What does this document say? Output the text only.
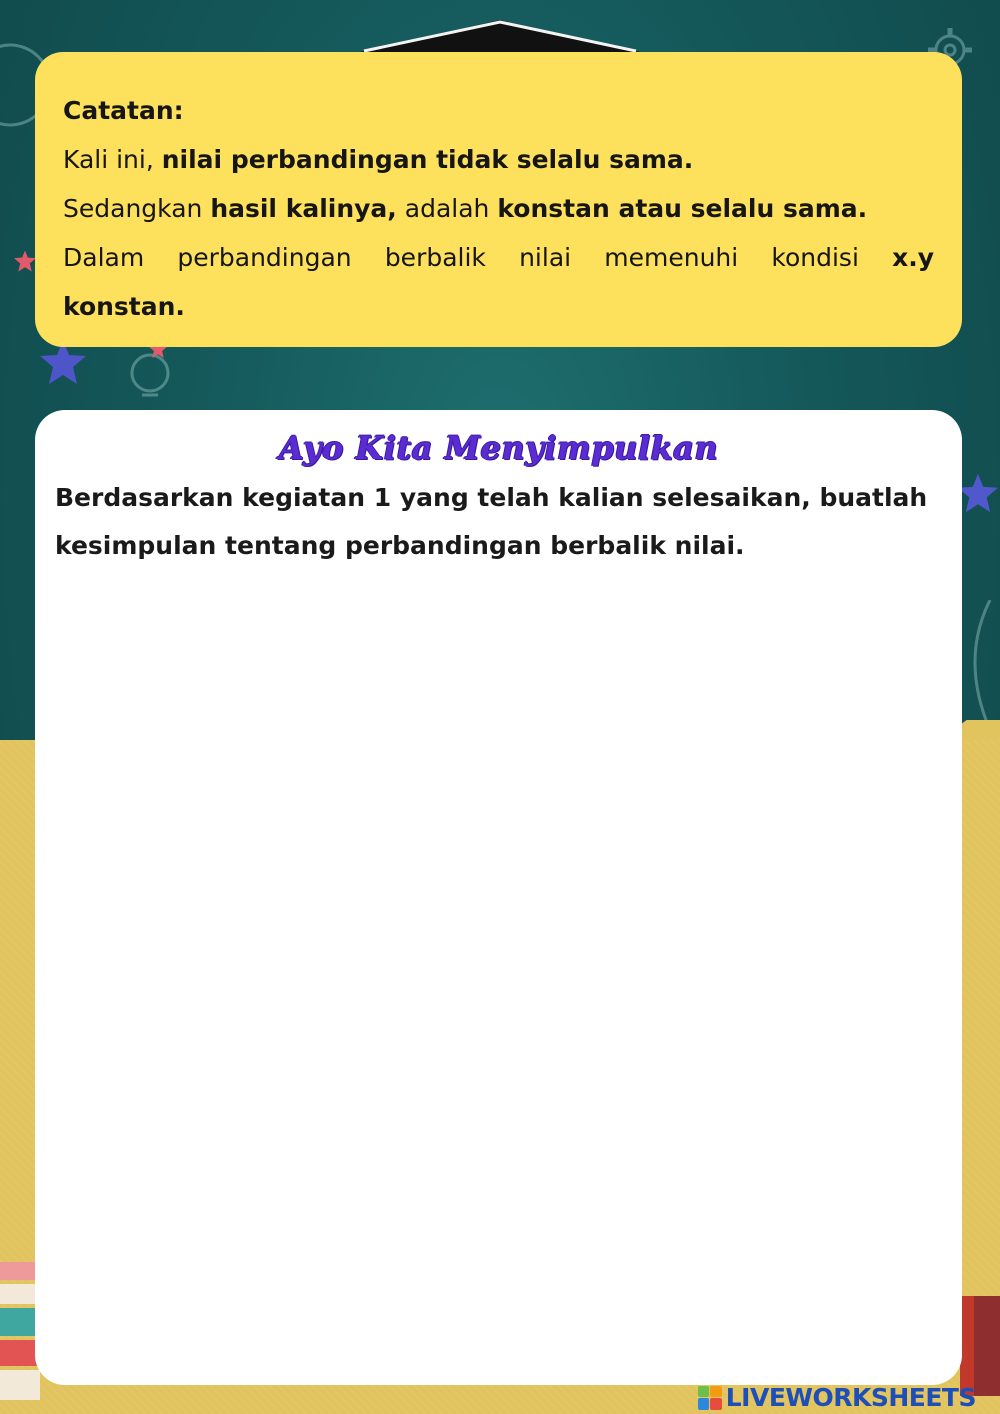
Catatan:
Kali ini, nilai perbandingan tidak selalu sama.
Sedangkan hasil kalinya, adalah konstan atau selalu sama.
Dalam perbandingan berbalik nilai memenuhi kondisi x.y
konstan.
Ayo Kita Menyimpulkan
Berdasarkan kegiatan 1 yang telah kalian selesaikan, buatlah
kesimpulan tentang perbandingan berbalik nilai.
LIVEWORKSHEETS
